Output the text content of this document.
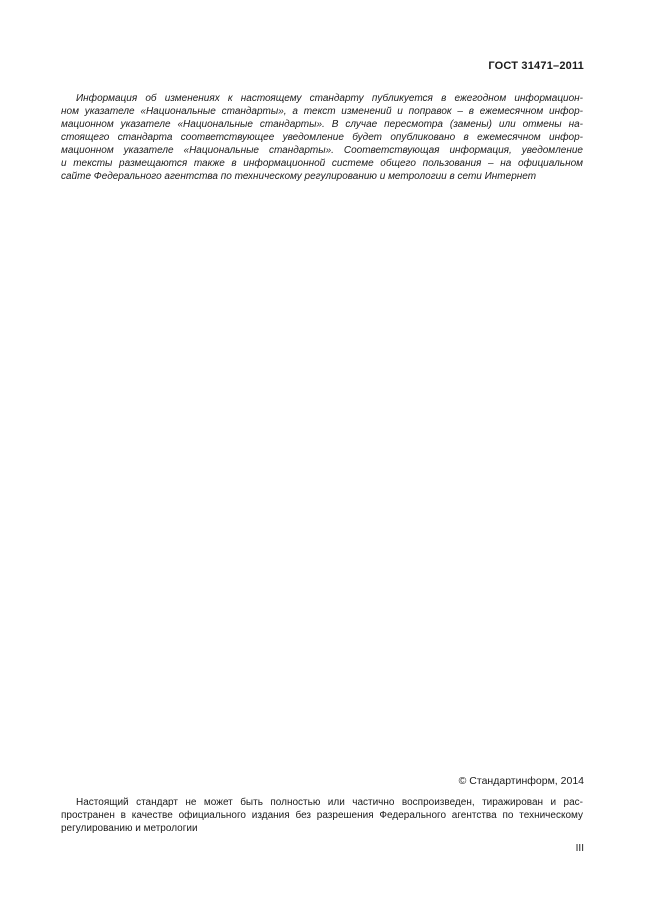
ГОСТ 31471–2011
Информация об изменениях к настоящему стандарту публикуется в ежегодном информацион-
ном указателе «Национальные стандарты», а текст изменений и поправок – в ежемесячном инфор-
мационном указателе «Национальные стандарты». В случае пересмотра (замены) или отмены на-
стоящего стандарта соответствующее уведомление будет опубликовано в ежемесячном инфор-
мационном указателе «Национальные стандарты». Соответствующая информация, уведомление
и тексты размещаются также в информационной системе общего пользования – на официальном
сайте Федерального агентства по техническому регулированию и метрологии в сети Интернет
© Стандартинформ, 2014
Настоящий стандарт не может быть полностью или частично воспроизведен, тиражирован и рас-
пространен в качестве официального издания без разрешения Федерального агентства по техническому
регулированию и метрологии
III
